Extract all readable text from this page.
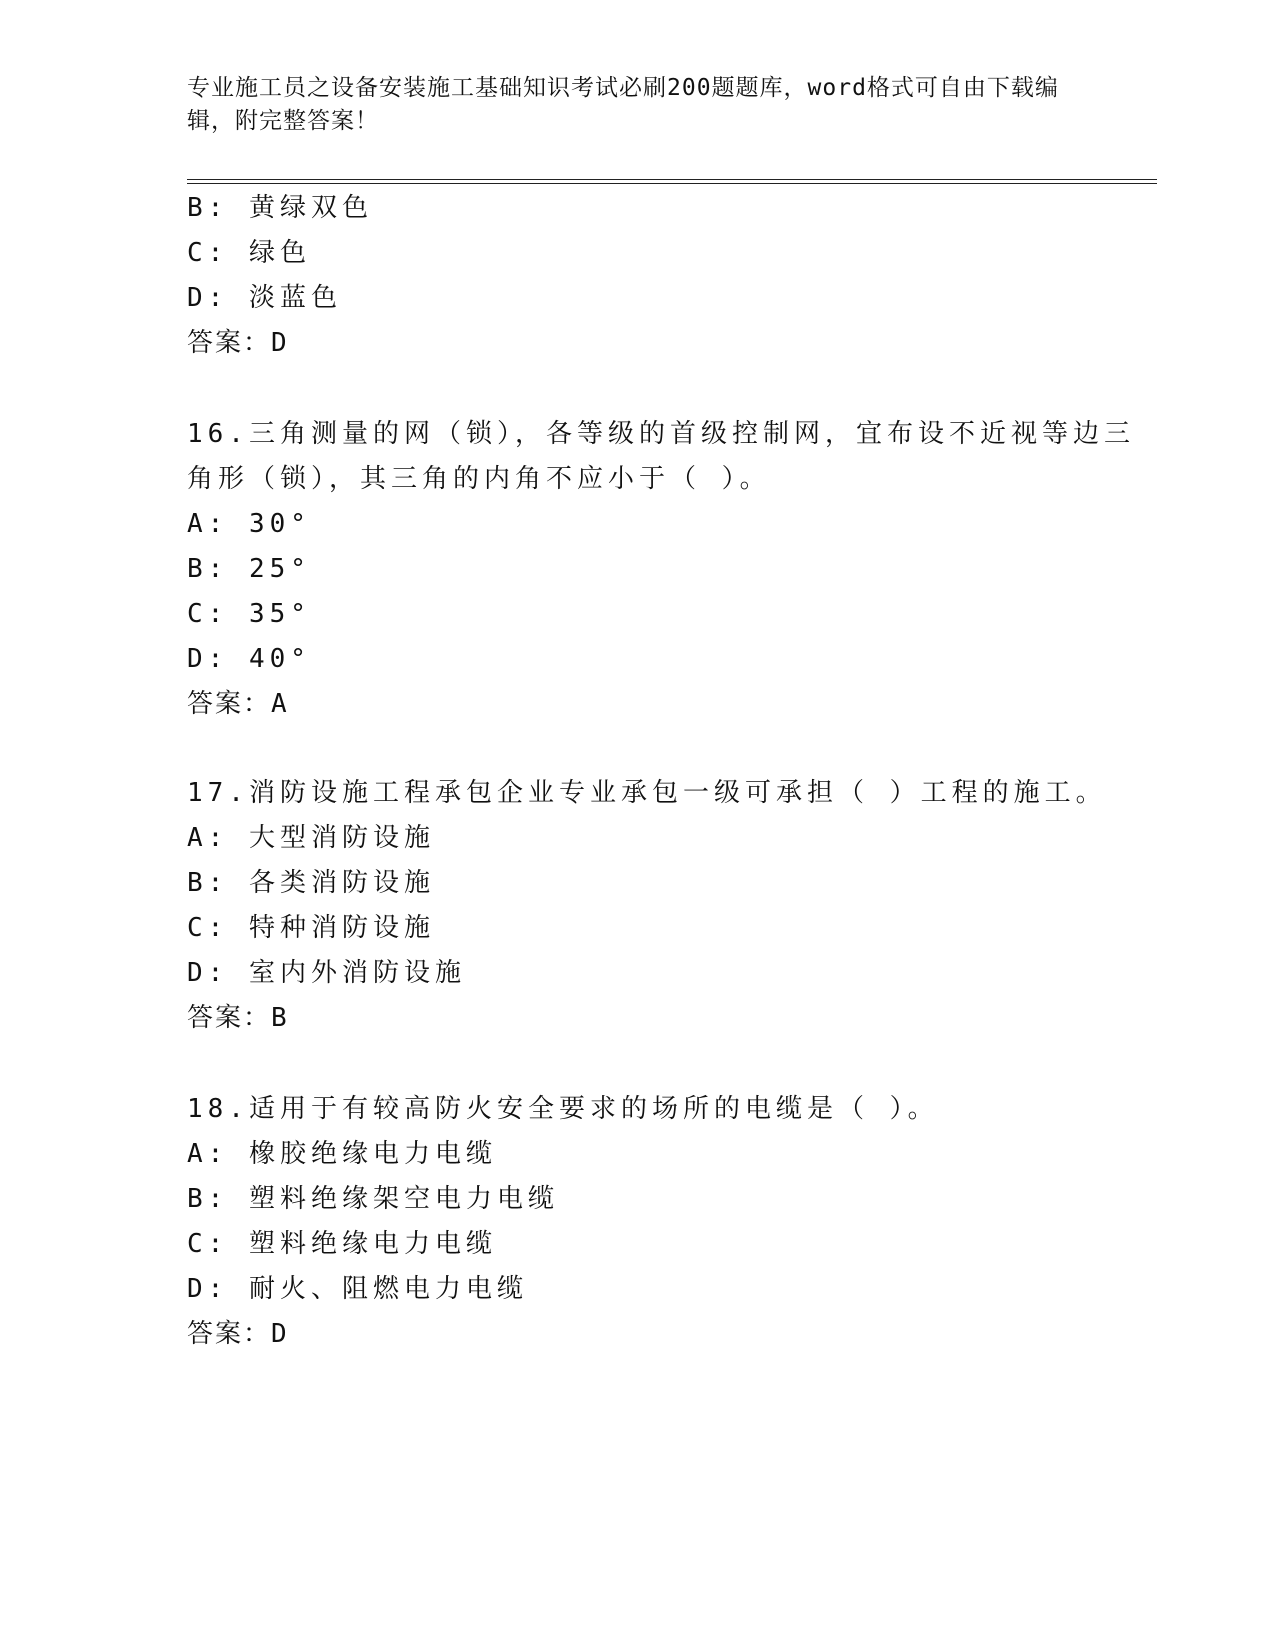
专业施工员之设备安装施工基础知识考试必刷200题题库，word格式可自由下载编辑，附完整答案！
B: 黄绿双色
C: 绿色
D: 淡蓝色
答案：D
16.三角测量的网（锁），各等级的首级控制网，宜布设不近视等边三
角形（锁），其三角的内角不应小于（ ）。
A: 30°
B: 25°
C: 35°
D: 40°
答案：A
17.消防设施工程承包企业专业承包一级可承担（ ）工程的施工。
A: 大型消防设施
B: 各类消防设施
C: 特种消防设施
D: 室内外消防设施
答案：B
18.适用于有较高防火安全要求的场所的电缆是（ ）。
A: 橡胶绝缘电力电缆
B: 塑料绝缘架空电力电缆
C: 塑料绝缘电力电缆
D: 耐火、阻燃电力电缆
答案：D
